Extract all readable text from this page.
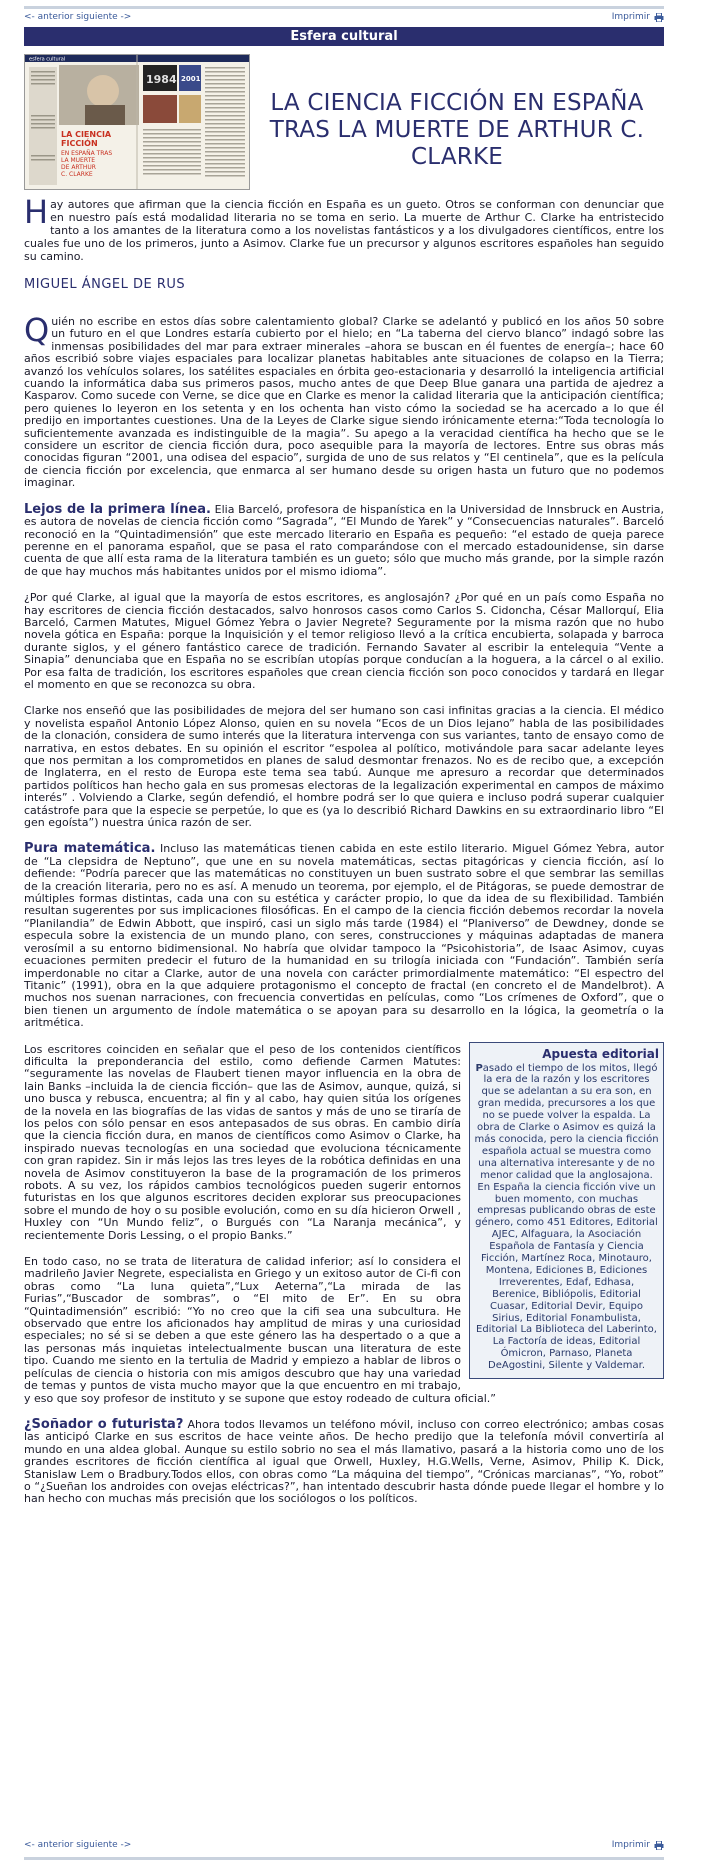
<- anterior siguiente ->	Imprimir
Esfera cultural
esfera cultural
LA CIENCIA
FICCIÓN
EN ESPAÑA TRAS
LA MUERTE
DE ARTHUR
C. CLARKE
1984 2001
LA CIENCIA FICCIÓN EN ESPAÑA TRAS LA MUERTE DE ARTHUR C. CLARKE
Hay autores que afirman que la ciencia ficción en España es un gueto. Otros se conforman con denunciar que en nuestro país está modalidad literaria no se toma en serio. La muerte de Arthur C. Clarke ha entristecido tanto a los amantes de la literatura como a los novelistas fantásticos y a los divulgadores científicos, entre los cuales fue uno de los primeros, junto a Asimov. Clarke fue un precursor y algunos escritores españoles han seguido su camino.
MIGUEL ÁNGEL DE RUS

Quién no escribe en estos días sobre calentamiento global? Clarke se adelantó y publicó en los años 50 sobre un futuro en el que Londres estaría cubierto por el hielo; en “La taberna del ciervo blanco” indagó sobre las inmensas posibilidades del mar para extraer minerales –ahora se buscan en él fuentes de energía–; hace 60 años escribió sobre viajes espaciales para localizar planetas habitables ante situaciones de colapso en la Tierra; avanzó los vehículos solares, los satélites espaciales en órbita geo-estacionaria y desarrolló la inteligencia artificial cuando la informática daba sus primeros pasos, mucho antes de que Deep Blue ganara una partida de ajedrez a Kasparov. Como sucede con Verne, se dice que en Clarke es menor la calidad literaria que la anticipación científica; pero quienes lo leyeron en los setenta y en los ochenta han visto cómo la sociedad se ha acercado a lo que él predijo en importantes cuestiones. Una de la Leyes de Clarke sigue siendo irónicamente eterna:“Toda tecnología lo suficientemente avanzada es indistinguible de la magia”. Su apego a la veracidad científica ha hecho que se le considere un escritor de ciencia ficción dura, poco asequible para la mayoría de lectores. Entre sus obras más conocidas figuran “2001, una odisea del espacio”, surgida de uno de sus relatos y “El centinela”, que es la película de ciencia ficción por excelencia, que enmarca al ser humano desde su origen hasta un futuro que no podemos imaginar.

Lejos de la primera línea. Elia Barceló, profesora de hispanística en la Universidad de Innsbruck en Austria, es autora de novelas de ciencia ficción como “Sagrada”, “El Mundo de Yarek” y “Consecuencias naturales”. Barceló reconoció en la “Quintadimensión” que este mercado literario en España es pequeño: “el estado de queja parece perenne en el panorama español, que se pasa el rato comparándose con el mercado estadounidense, sin darse cuenta de que allí esta rama de la literatura también es un gueto; sólo que mucho más grande, por la simple razón de que hay muchos más habitantes unidos por el mismo idioma”.

¿Por qué Clarke, al igual que la mayoría de estos escritores, es anglosajón? ¿Por qué en un país como España no hay escritores de ciencia ficción destacados, salvo honrosos casos como Carlos S. Cidoncha, César Mallorquí, Elia Barceló, Carmen Matutes, Miguel Gómez Yebra o Javier Negrete? Seguramente por la misma razón que no hubo novela gótica en España: porque la Inquisición y el temor religioso llevó a la crítica encubierta, solapada y barroca durante siglos, y el género fantástico carece de tradición. Fernando Savater al escribir la entelequia “Vente a Sinapia” denunciaba que en España no se escribían utopías porque conducían a la hoguera, a la cárcel o al exilio. Por esa falta de tradición, los escritores españoles que crean ciencia ficción son poco conocidos y tardará en llegar el momento en que se reconozca su obra.

Clarke nos enseñó que las posibilidades de mejora del ser humano son casi infinitas gracias a la ciencia. El médico y novelista español Antonio López Alonso, quien en su novela “Ecos de un Dios lejano” habla de las posibilidades de la clonación, considera de sumo interés que la literatura intervenga con sus variantes, tanto de ensayo como de narrativa, en estos debates. En su opinión el escritor “espolea al político, motivándole para sacar adelante leyes que nos permitan a los comprometidos en planes de salud desmontar frenazos. No es de recibo que, a excepción de Inglaterra, en el resto de Europa este tema sea tabú. Aunque me apresuro a recordar que determinados partidos políticos han hecho gala en sus promesas electoras de la legalización experimental en campos de máximo interés” . Volviendo a Clarke, según defendió, el hombre podrá ser lo que quiera e incluso podrá superar cualquier catástrofe para que la especie se perpetúe, lo que es (ya lo describió Richard Dawkins en su extraordinario libro “El gen egoísta”) nuestra única razón de ser.

Pura matemática. Incluso las matemáticas tienen cabida en este estilo literario. Miguel Gómez Yebra, autor de “La clepsidra de Neptuno”, que une en su novela matemáticas, sectas pitagóricas y ciencia ficción, así lo defiende: “Podría parecer que las matemáticas no constituyen un buen sustrato sobre el que sembrar las semillas de la creación literaria, pero no es así. A menudo un teorema, por ejemplo, el de Pitágoras, se puede demostrar de múltiples formas distintas, cada una con su estética y carácter propio, lo que da idea de su flexibilidad. También resultan sugerentes por sus implicaciones filosóficas. En el campo de la ciencia ficción debemos recordar la novela “Planilandia” de Edwin Abbott, que inspiró, casi un siglo más tarde (1984) el “Planiverso” de Dewdney, donde se especula sobre la existencia de un mundo plano, con seres, construcciones y máquinas adaptadas de manera verosímil a su entorno bidimensional. No habría que olvidar tampoco la “Psicohistoria”, de Isaac Asimov, cuyas ecuaciones permiten predecir el futuro de la humanidad en su trilogía iniciada con “Fundación”. También sería imperdonable no citar a Clarke, autor de una novela con carácter primordialmente matemático: “El espectro del Titanic” (1991), obra en la que adquiere protagonismo el concepto de fractal (en concreto el de Mandelbrot). A muchos nos suenan narraciones, con frecuencia convertidas en películas, como “Los crímenes de Oxford”, que o bien tienen un argumento de índole matemática o se apoyan para su desarrollo en la lógica, la geometría o la aritmética.

Apuesta editorial
Pasado el tiempo de los mitos, llegó la era de la razón y los escritores que se adelantan a su era son, en gran medida, precursores a los que no se puede volver la espalda. La obra de Clarke o Asimov es quizá la más conocida, pero la ciencia ficción española actual se muestra como una alternativa interesante y de no menor calidad que la anglosajona. En España la ciencia ficción vive un buen momento, con muchas empresas publicando obras de este género, como 451 Editores, Editorial AJEC, Alfaguara, la Asociación Española de Fantasía y Ciencia Ficción, Martínez Roca, Minotauro, Montena, Ediciones B, Ediciones Irreverentes, Edaf, Edhasa, Berenice, Bibliópolis, Editorial Cuasar, Editorial Devir, Equipo Sirius, Editorial Fonambulista, Editorial La Biblioteca del Laberinto, La Factoría de ideas, Editorial Ómicron, Parnaso, Planeta DeAgostini, Silente y Valdemar.

Los escritores coinciden en señalar que el peso de los contenidos científicos dificulta la preponderancia del estilo, como defiende Carmen Matutes: “seguramente las novelas de Flaubert tienen mayor influencia en la obra de Iain Banks –incluida la de ciencia ficción– que las de Asimov, aunque, quizá, si uno busca y rebusca, encuentra; al fin y al cabo, hay quien sitúa los orígenes de la novela en las biografías de las vidas de santos y más de uno se tiraría de los pelos con sólo pensar en esos antepasados de sus obras. En cambio diría que la ciencia ficción dura, en manos de científicos como Asimov o Clarke, ha inspirado nuevas tecnologías en una sociedad que evoluciona técnicamente con gran rapidez. Sin ir más lejos las tres leyes de la robótica definidas en una novela de Asimov constituyeron la base de la programación de los primeros robots. A su vez, los rápidos cambios tecnológicos pueden sugerir entornos futuristas en los que algunos escritores deciden explorar sus preocupaciones sobre el mundo de hoy o su posible evolución, como en su día hicieron Orwell , Huxley con “Un Mundo feliz”, o Burgués con “La Naranja mecánica”, y recientemente Doris Lessing, o el propio Banks.”

En todo caso, no se trata de literatura de calidad inferior; así lo considera el madrileño Javier Negrete, especialista en Griego y un exitoso autor de Ci-fi con obras como “La luna quieta”,“Lux Aeterna”,“La mirada de las Furias”,“Buscador de sombras”, o “El mito de Er”. En su obra “Quintadimensión” escribió: “Yo no creo que la cifi sea una subcultura. He observado que entre los aficionados hay amplitud de miras y una curiosidad especiales; no sé si se deben a que este género las ha despertado o a que a las personas más inquietas intelectualmente buscan una literatura de este tipo. Cuando me siento en la tertulia de Madrid y empiezo a hablar de libros o películas de ciencia o historia con mis amigos descubro que hay una variedad de temas y puntos de vista mucho mayor que la que encuentro en mi trabajo, y eso que soy profesor de instituto y se supone que estoy rodeado de cultura oficial.”

¿Soñador o futurista? Ahora todos llevamos un teléfono móvil, incluso con correo electrónico; ambas cosas las anticipó Clarke en sus escritos de hace veinte años. De hecho predijo que la telefonía móvil convertiría al mundo en una aldea global. Aunque su estilo sobrio no sea el más llamativo, pasará a la historia como uno de los grandes escritores de ficción científica al igual que Orwell, Huxley, H.G.Wells, Verne, Asimov, Philip K. Dick, Stanislaw Lem o Bradbury.Todos ellos, con obras como “La máquina del tiempo”, “Crónicas marcianas”, “Yo, robot” o “¿Sueñan los androides con ovejas eléctricas?”, han intentado descubrir hasta dónde puede llegar el hombre y lo han hecho con muchas más precisión que los sociólogos o los políticos.

<- anterior siguiente ->	Imprimir
